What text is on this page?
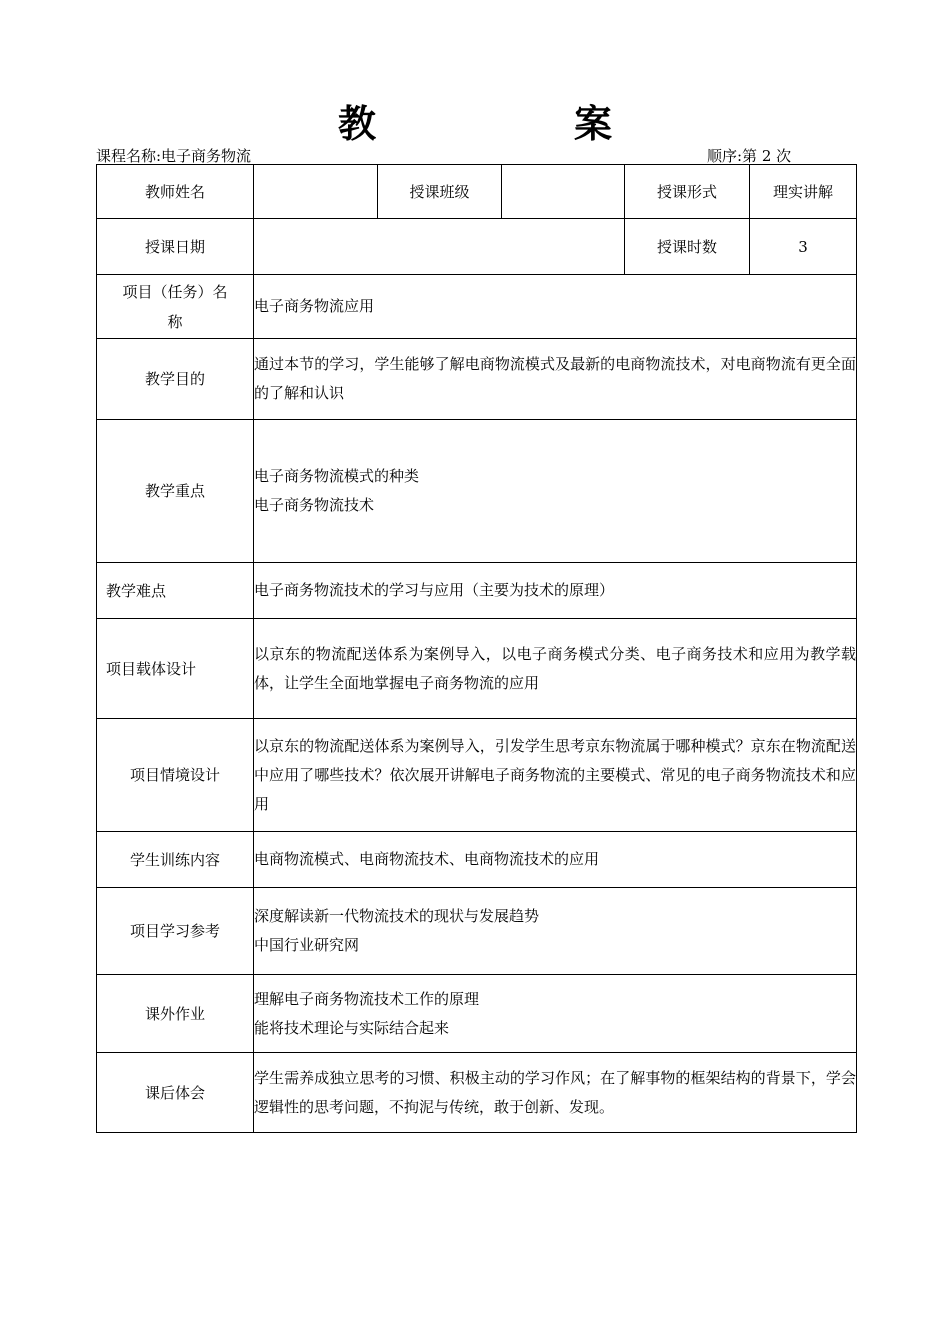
教　案
课程名称:电子商务物流	顺序:第 2 次
教师姓名		授课班级		授课形式	理实讲解
授课日期				授课时数	3

项目（任务）名
称	电子商务物流应用				
教学目的	通过本节的学习，学生能够了解电商物流模式及最新的电商物流技术，对电商物流有更全面的了解和认识				
教学重点	电子商务物流模式的种类
电子商务物流技术				

教学难点	电子商务物流技术的学习与应用（主要为技术的原理）				
项目载体设计	以京东的物流配送体系为案例导入，以电子商务模式分类、电子商务技术和应用为教学载体，让学生全面地掌握电子商务物流的应用				
项目情境设计	以京东的物流配送体系为案例导入，引发学生思考京东物流属于哪种模式？京东在物流配送中应用了哪些技术？依次展开讲解电子商务物流的主要模式、常见的电子商务物流技术和应用				
学生训练内容	电商物流模式、电商物流技术、电商物流技术的应用				
项目学习参考	深度解读新一代物流技术的现状与发展趋势
中国行业研究网				

课外作业	理解电子商务物流技术工作的原理
能将技术理论与实际结合起来				

课后体会	学生需养成独立思考的习惯、积极主动的学习作风；在了解事物的框架结构的背景下，学会逻辑性的思考问题，不拘泥与传统，敢于创新、发现。				
